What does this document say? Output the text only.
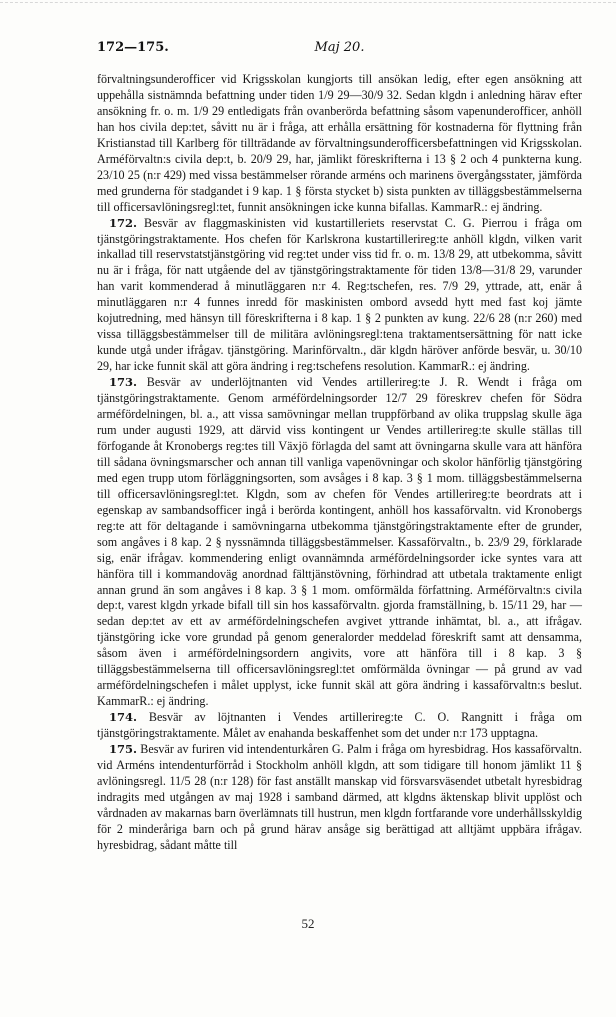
172—175.	Maj 20.

förvaltningsunderofficer vid Krigsskolan kungjorts till ansökan ledig, efter egen ansökning att uppehålla sistnämnda befattning under tiden 1/9 29—30/9 32. Sedan klgdn i anledning härav efter ansökning fr. o. m. 1/9 29 entledigats från ovanberörda befattning såsom vapenunderofficer, anhöll han hos civila dep:tet, såvitt nu är i fråga, att erhålla ersättning för kostnaderna för flyttning från Kristianstad till Karlberg för tillträdande av förvaltningsunderofficersbefattningen vid Krigsskolan. Arméförvaltn:s civila dep:t, b. 20/9 29, har, jämlikt föreskrifterna i 13 § 2 och 4 punkterna kung. 23/10 25 (n:r 429) med vissa bestämmelser rörande arméns och marinens övergångsstater, jämförda med grunderna för stadgandet i 9 kap. 1 § första stycket b) sista punkten av tilläggsbestämmelserna till officersavlöningsregl:tet, funnit ansökningen icke kunna bifallas. KammarR.: ej ändring.

172. Besvär av flaggmaskinisten vid kustartilleriets reservstat C. G. Pierrou i fråga om tjänstgöringstraktamente. Hos chefen för Karlskrona kustartillerireg:te anhöll klgdn, vilken varit inkallad till reservstatstjänstgöring vid reg:tet under viss tid fr. o. m. 13/8 29, att utbekomma, såvitt nu är i fråga, för natt utgående del av tjänstgöringstraktamente för tiden 13/8—31/8 29, varunder han varit kommenderad å minutläggaren n:r 4. Reg:tschefen, res. 7/9 29, yttrade, att, enär å minutläggaren n:r 4 funnes inredd för maskinisten ombord avsedd hytt med fast koj jämte kojutredning, med hänsyn till föreskrifterna i 8 kap. 1 § 2 punkten av kung. 22/6 28 (n:r 260) med vissa tilläggsbestämmelser till de militära avlöningsregl:tena traktamentsersättning för natt icke kunde utgå under ifrågav. tjänstgöring. Marinförvaltn., där klgdn häröver anförde besvär, u. 30/10 29, har icke funnit skäl att göra ändring i reg:tschefens resolution. KammarR.: ej ändring.

173. Besvär av underlöjtnanten vid Vendes artillerireg:te J. R. Wendt i fråga om tjänstgöringstraktamente. Genom arméfördelningsorder 12/7 29 föreskrev chefen för Södra arméfördelningen, bl. a., att vissa samövningar mellan truppförband av olika truppslag skulle äga rum under augusti 1929, att därvid viss kontingent ur Vendes artillerireg:te skulle ställas till förfogande åt Kronobergs reg:tes till Växjö förlagda del samt att övningarna skulle vara att hänföra till sådana övningsmarscher och annan till vanliga vapenövningar och skolor hänförlig tjänstgöring med egen trupp utom förläggningsorten, som avsåges i 8 kap. 3 § 1 mom. tilläggsbestämmelserna till officersavlöningsregl:tet. Klgdn, som av chefen för Vendes artillerireg:te beordrats att i egenskap av sambandsofficer ingå i berörda kontingent, anhöll hos kassaförvaltn. vid Kronobergs reg:te att för deltagande i samövningarna utbekomma tjänstgöringstraktamente efter de grunder, som angåves i 8 kap. 2 § nyssnämnda tilläggsbestämmelser. Kassaförvaltn., b. 23/9 29, förklarade sig, enär ifrågav. kommendering enligt ovannämnda arméfördelningsorder icke syntes vara att hänföra till i kommandoväg anordnad fälttjänstövning, förhindrad att utbetala traktamente enligt annan grund än som angåves i 8 kap. 3 § 1 mom. omförmälda författning. Arméförvaltn:s civila dep:t, varest klgdn yrkade bifall till sin hos kassaförvaltn. gjorda framställning, b. 15/11 29, har — sedan dep:tet av ett av arméfördelningschefen avgivet yttrande inhämtat, bl. a., att ifrågav. tjänstgöring icke vore grundad på genom generalorder meddelad föreskrift samt att densamma, såsom även i arméfördelningsordern angivits, vore att hänföra till i 8 kap. 3 § tilläggsbestämmelserna till officersavlöningsregl:tet omförmälda övningar — på grund av vad arméfördelningschefen i målet upplyst, icke funnit skäl att göra ändring i kassaförvaltn:s beslut. KammarR.: ej ändring.

174. Besvär av löjtnanten i Vendes artillerireg:te C. O. Rangnitt i fråga om tjänstgöringstraktamente. Målet av enahanda beskaffenhet som det under n:r 173 upptagna.

175. Besvär av furiren vid intendenturkåren G. Palm i fråga om hyresbidrag. Hos kassaförvaltn. vid Arméns intendenturförråd i Stockholm anhöll klgdn, att som tidigare till honom jämlikt 11 § avlöningsregl. 11/5 28 (n:r 128) för fast anställt manskap vid försvarsväsendet utbetalt hyresbidrag indragits med utgången av maj 1928 i samband därmed, att klgdns äktenskap blivit upplöst och vårdnaden av makarnas barn överlämnats till hustrun, men klgdn fortfarande vore underhållsskyldig för 2 minderåriga barn och på grund härav ansåge sig berättigad att alltjämt uppbära ifrågav. hyresbidrag, sådant måtte till

52
